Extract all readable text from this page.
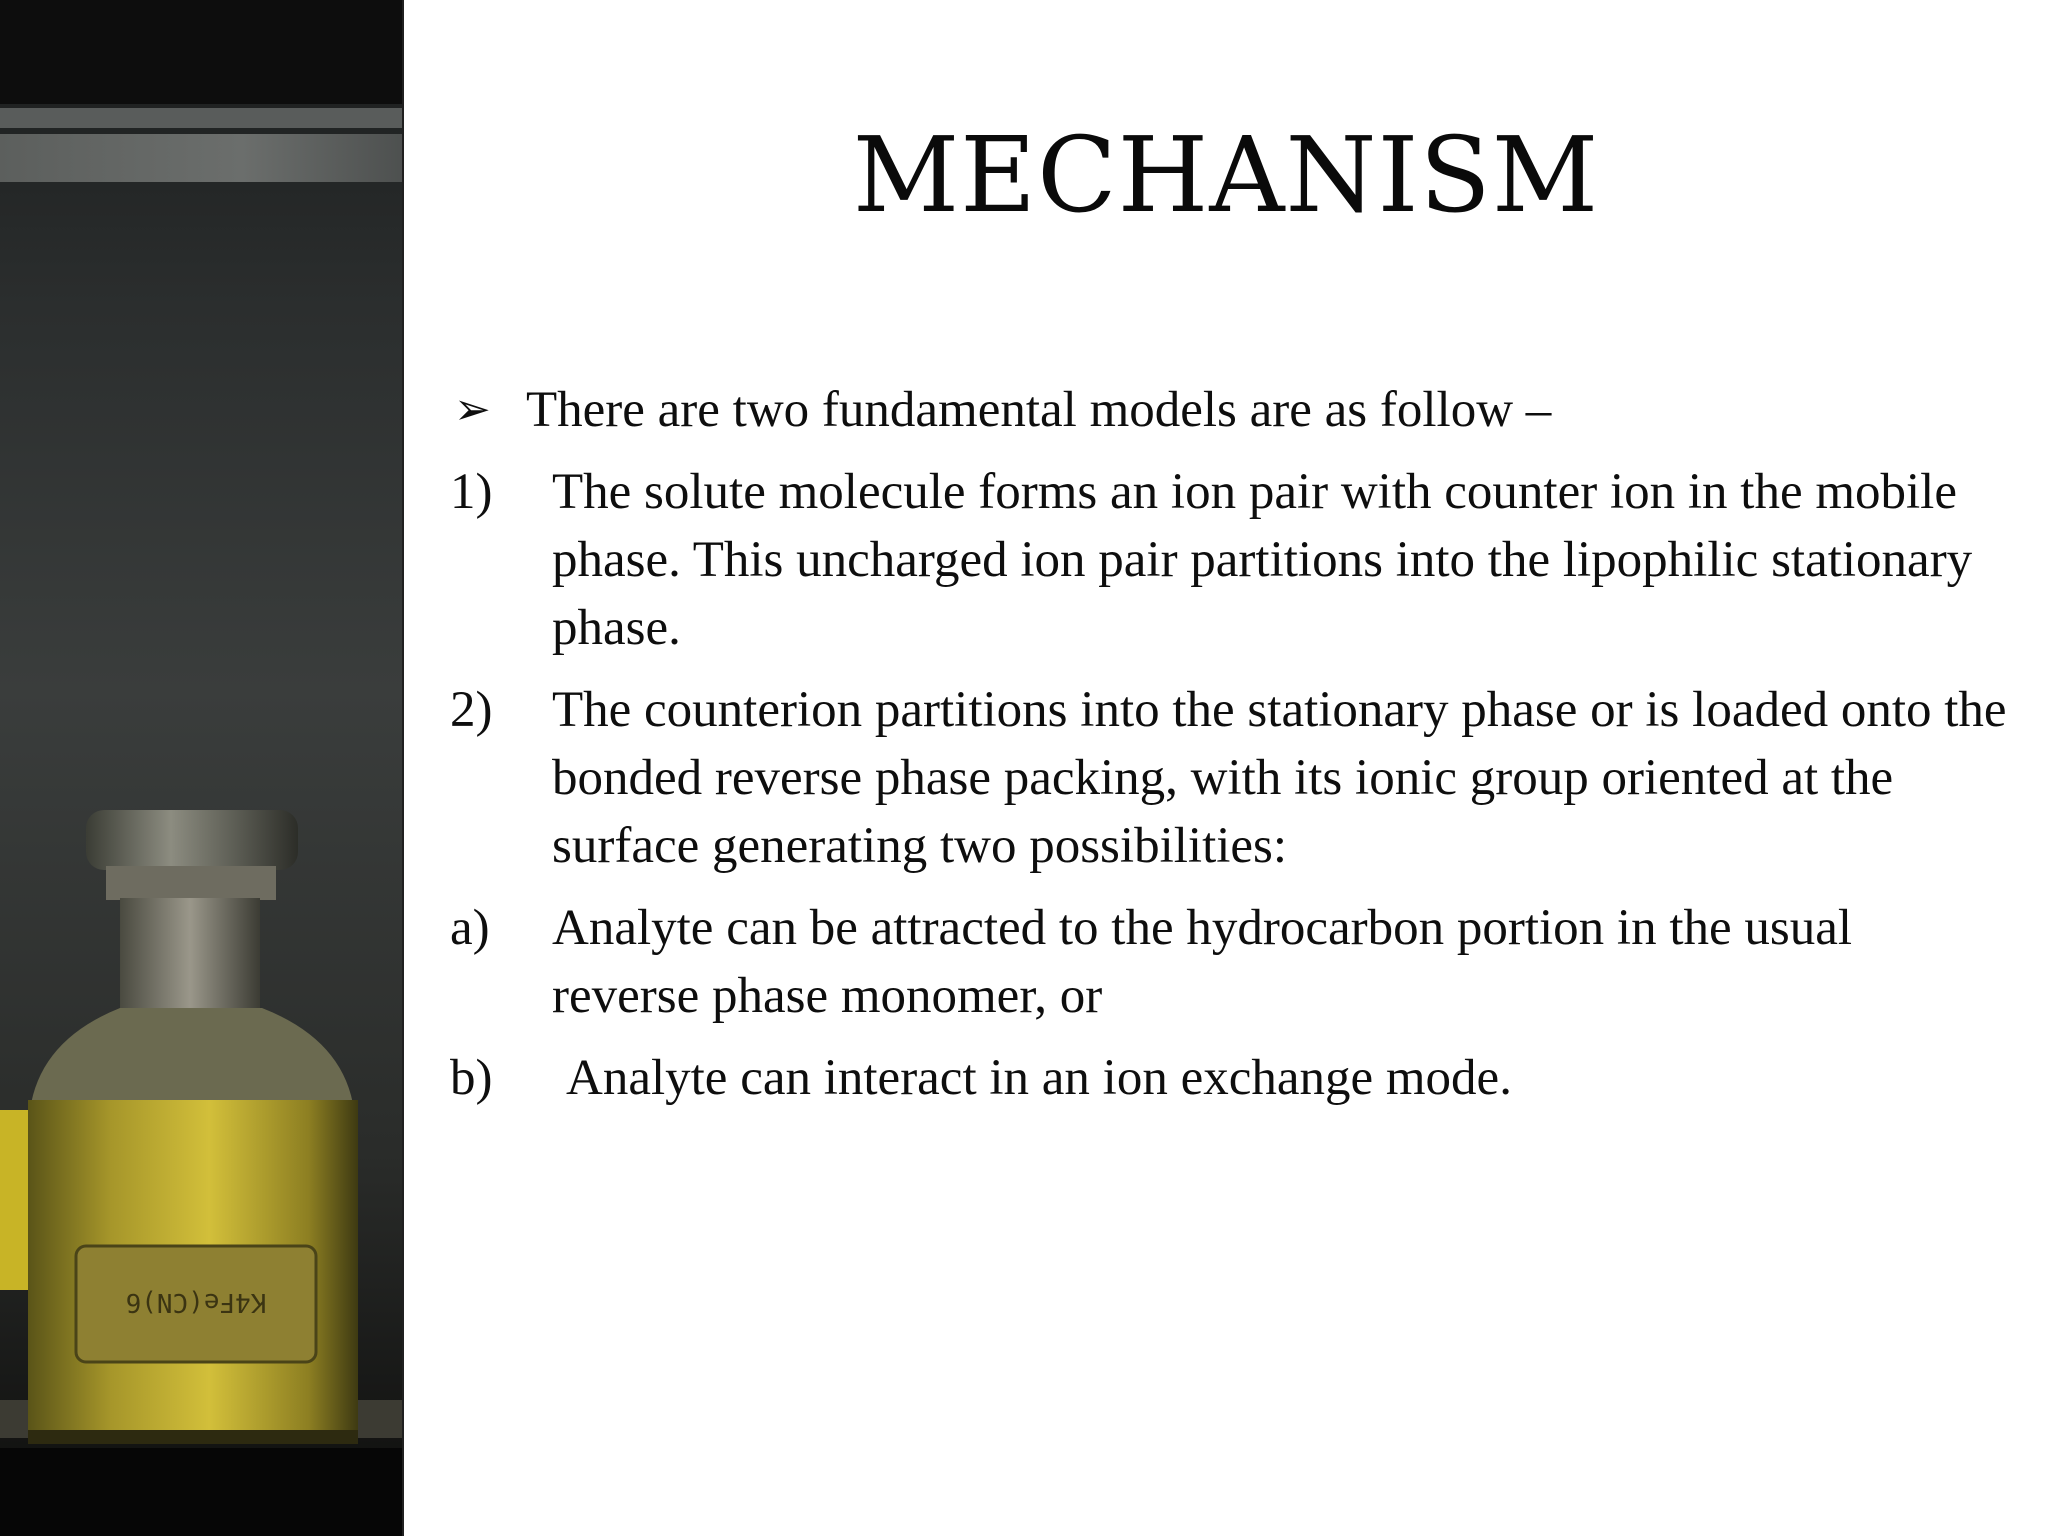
K4Fe(CN)6
MECHANISM
➢ There are two fundamental models are as follow –
1)	The solute molecule forms an ion pair with counter ion in the mobile phase. This uncharged ion pair partitions into the lipophilic stationary phase.
2)	The counterion partitions into the stationary phase or is loaded onto the bonded reverse phase packing, with its ionic group oriented at the surface generating two possibilities:
a)	Analyte can be attracted to the hydrocarbon portion in the usual reverse phase monomer, or
b)	Analyte can interact in an ion exchange mode.
